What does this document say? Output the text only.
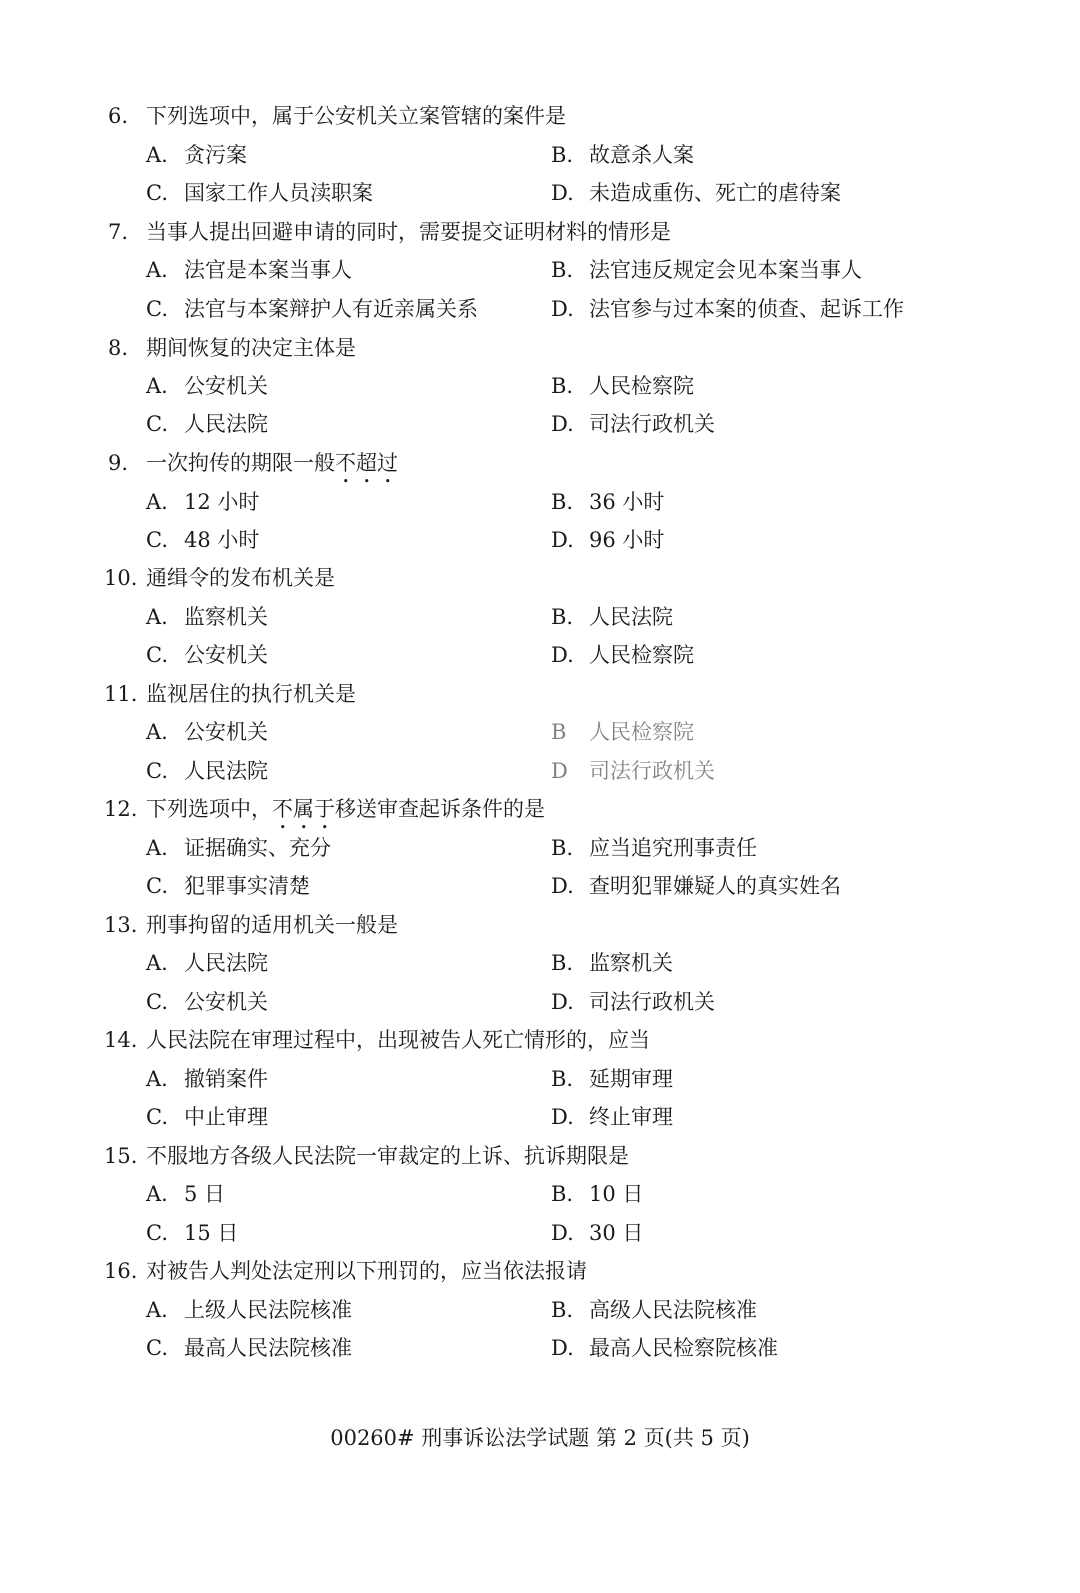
6. 下列选项中，属于公安机关立案管辖的案件是
A. 贪污案	B. 故意杀人案
C. 国家工作人员渎职案	D. 未造成重伤、死亡的虐待案
7. 当事人提出回避申请的同时，需要提交证明材料的情形是
A. 法官是本案当事人	B. 法官违反规定会见本案当事人
C. 法官与本案辩护人有近亲属关系	D. 法官参与过本案的侦查、起诉工作
8. 期间恢复的决定主体是
A. 公安机关	B. 人民检察院
C. 人民法院	D. 司法行政机关
9. 一次拘传的期限一般不超过
A. 12 小时	B. 36 小时
C. 48 小时	D. 96 小时
10. 通缉令的发布机关是
A. 监察机关	B. 人民法院
C. 公安机关	D. 人民检察院
11. 监视居住的执行机关是
A. 公安机关	B 人民检察院
C. 人民法院	D 司法行政机关
12. 下列选项中，不属于移送审查起诉条件的是
A. 证据确实、充分	B. 应当追究刑事责任
C. 犯罪事实清楚	D. 查明犯罪嫌疑人的真实姓名
13. 刑事拘留的适用机关一般是
A. 人民法院	B. 监察机关
C. 公安机关	D. 司法行政机关
14. 人民法院在审理过程中，出现被告人死亡情形的，应当
A. 撤销案件	B. 延期审理
C. 中止审理	D. 终止审理
15. 不服地方各级人民法院一审裁定的上诉、抗诉期限是
A. 5 日	B. 10 日
C. 15 日	D. 30 日
16. 对被告人判处法定刑以下刑罚的，应当依法报请
A. 上级人民法院核准	B. 高级人民法院核准
C. 最高人民法院核准	D. 最高人民检察院核准
00260# 刑事诉讼法学试题 第 2 页(共 5 页)
